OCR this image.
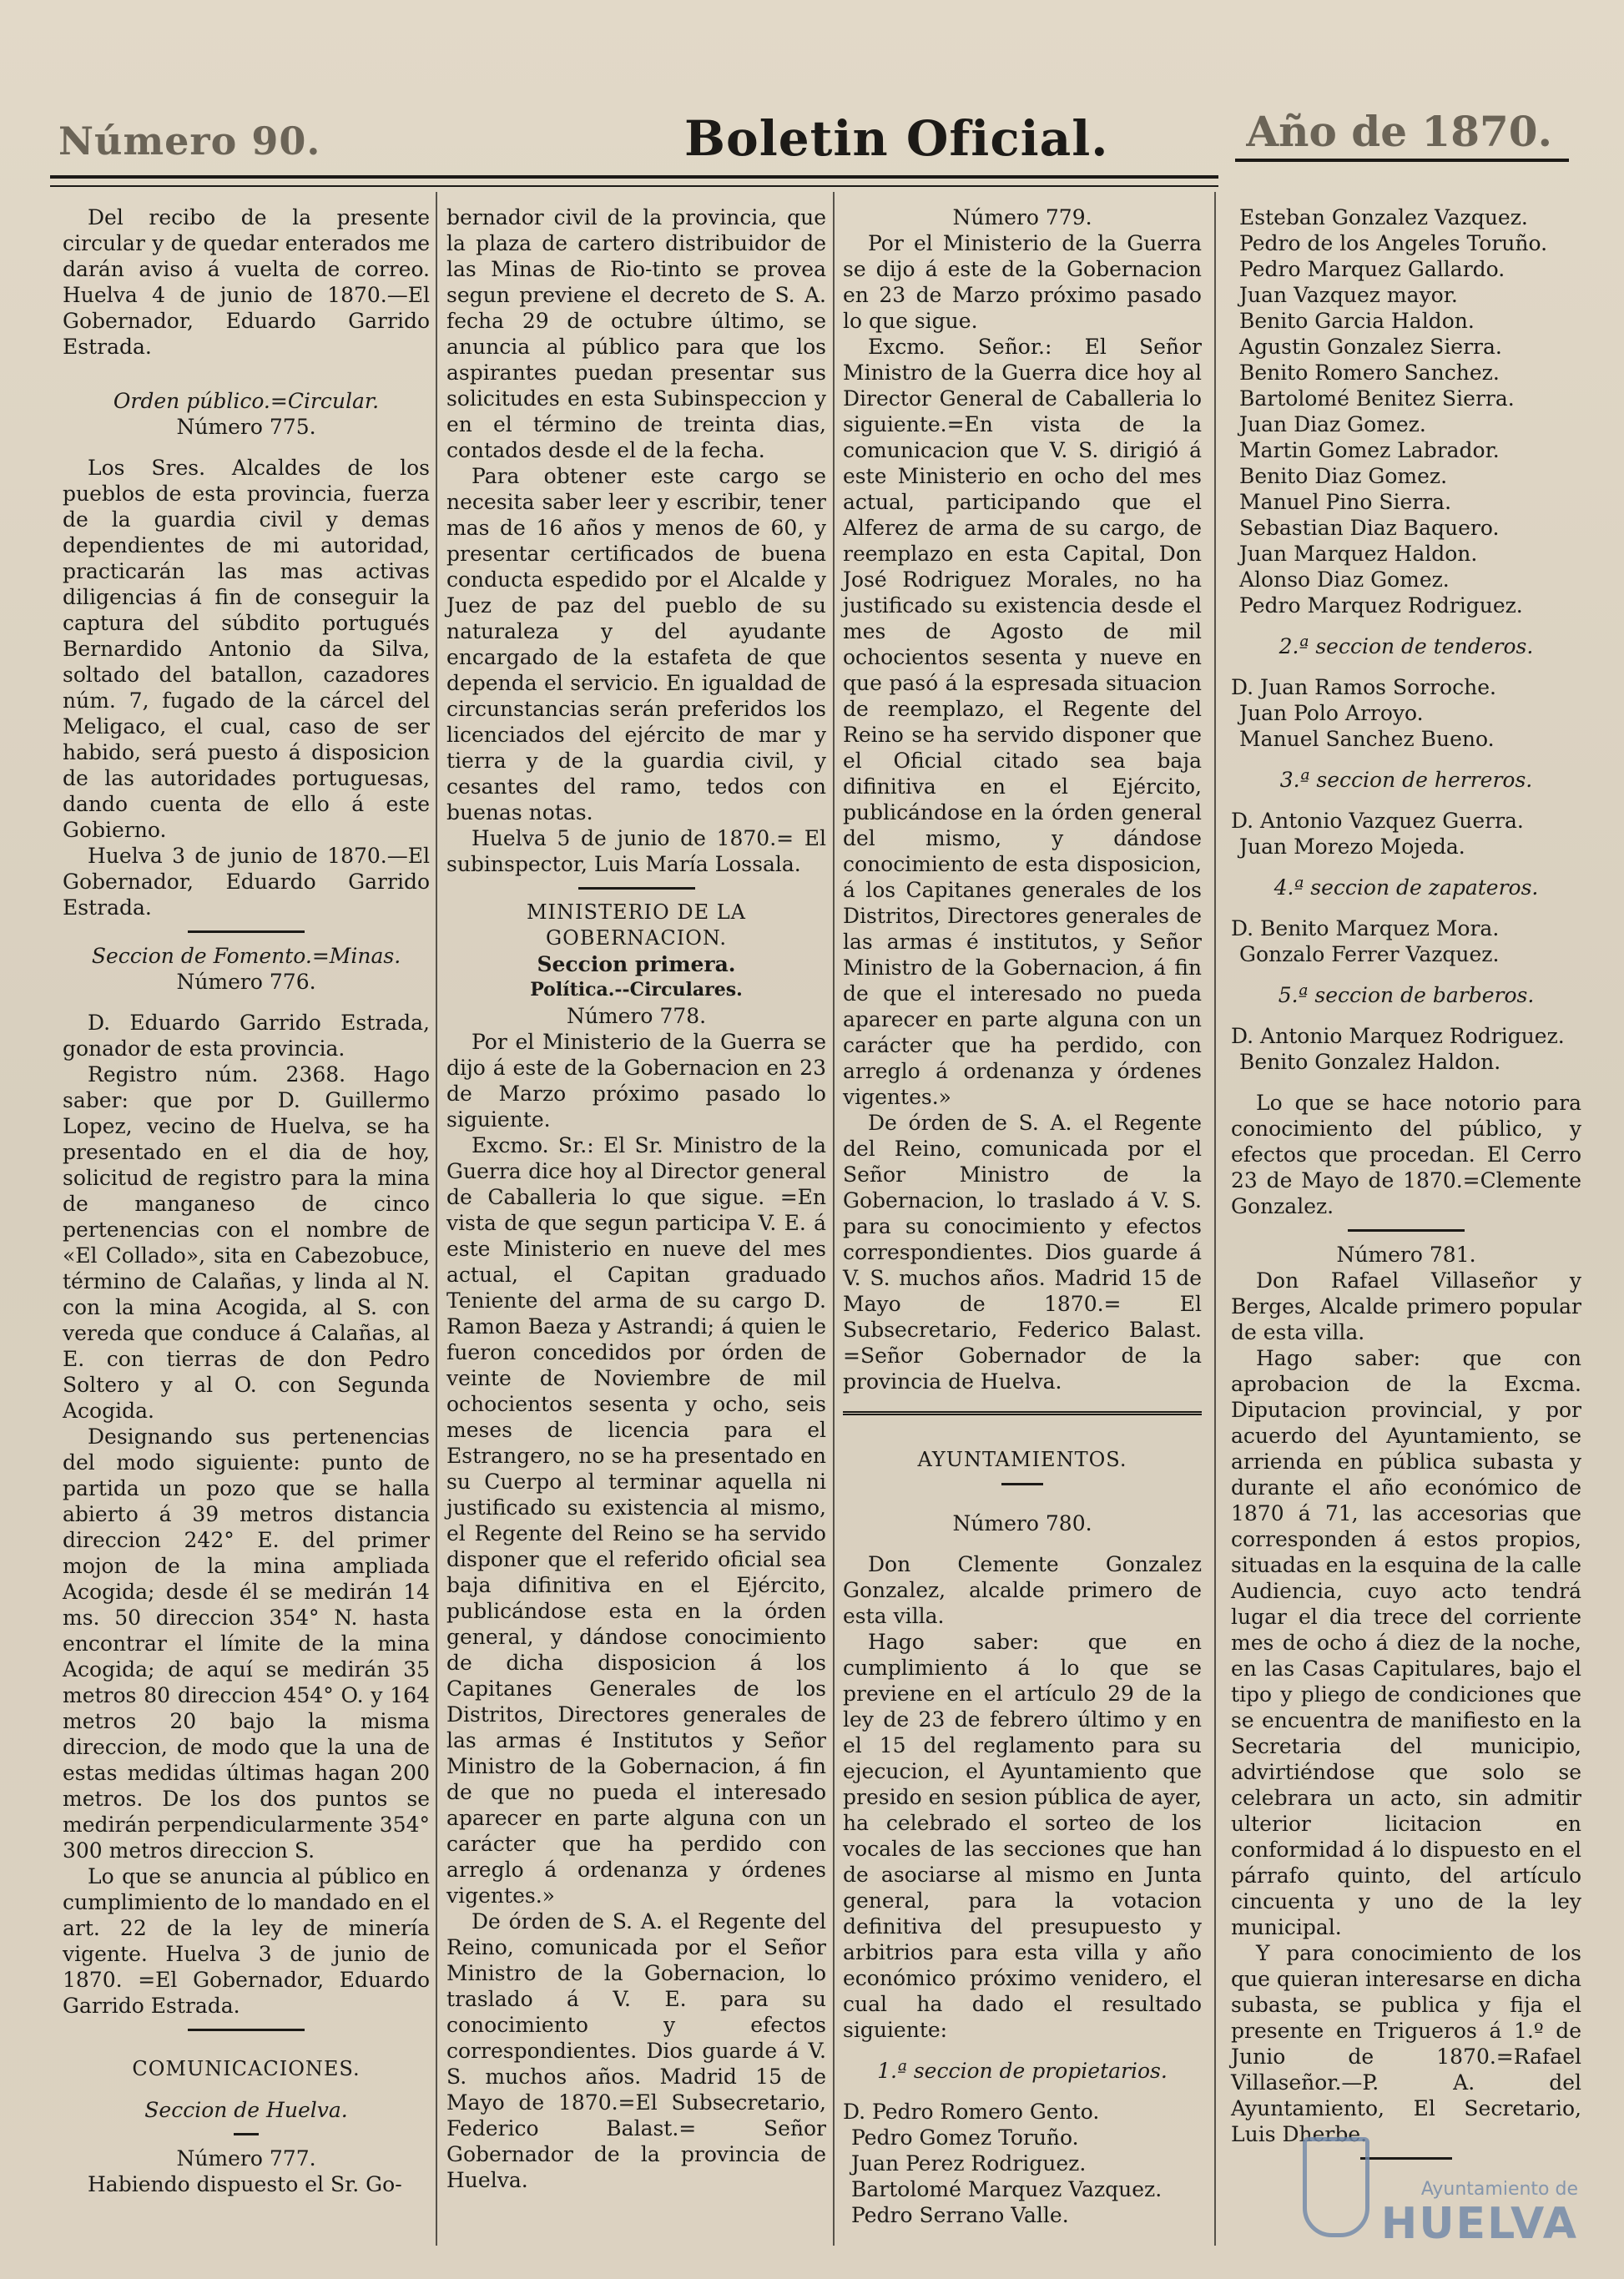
Número 90.	Boletin Oficial.	Año de 1870.

Del recibo de la presente circular y de quedar enterados me darán aviso á vuelta de correo. Huelva 4 de junio de 1870.—El Gobernador, Eduardo Garrido Estrada.

Orden público.=Circular.

Número 775.

Los Sres. Alcaldes de los pueblos de esta provincia, fuerza de la guardia civil y demas dependientes de mi autoridad, practicarán las mas activas diligencias á fin de conseguir la captura del súbdito portugués Bernardido Antonio da Silva, soltado del batallon, cazadores núm. 7, fugado de la cárcel del Meligaco, el cual, caso de ser habido, será puesto á disposicion de las autoridades portuguesas, dando cuenta de ello á este Gobierno.

Huelva 3 de junio de 1870.—El Gobernador, Eduardo Garrido Estrada.

Seccion de Fomento.=Minas.

Número 776.

D. Eduardo Garrido Estrada, gonador de esta provincia.

Registro núm. 2368. Hago saber: que por D. Guillermo Lopez, vecino de Huelva, se ha presentado en el dia de hoy, solicitud de registro para la mina de manganeso de cinco pertenencias con el nombre de «El Collado», sita en Cabezobuce, término de Calañas, y linda al N. con la mina Acogida, al S. con vereda que conduce á Calañas, al E. con tierras de don Pedro Soltero y al O. con Segunda Acogida.

Designando sus pertenencias del modo siguiente: punto de partida un pozo que se halla abierto á 39 metros distancia direccion 242° E. del primer mojon de la mina ampliada Acogida; desde él se medirán 14 ms. 50 direccion 354° N. hasta encontrar el límite de la mina Acogida; de aquí se medirán 35 metros 80 direccion 454° O. y 164 metros 20 bajo la misma direccion, de modo que la una de estas medidas últimas hagan 200 metros. De los dos puntos se medirán perpendicularmente 354° 300 metros direccion S.

Lo que se anuncia al público en cumplimiento de lo mandado en el art. 22 de la ley de minería vigente. Huelva 3 de junio de 1870. =El Gobernador, Eduardo Garrido Estrada.

COMUNICACIONES.

Seccion de Huelva.

Número 777.

Habiendo dispuesto el Sr. Go-

bernador civil de la provincia, que la plaza de cartero distribuidor de las Minas de Rio-tinto se provea segun previene el decreto de S. A. fecha 29 de octubre último, se anuncia al público para que los aspirantes puedan presentar sus solicitudes en esta Subinspeccion y en el término de treinta dias, contados desde el de la fecha.

Para obtener este cargo se necesita saber leer y escribir, tener mas de 16 años y menos de 60, y presentar certificados de buena conducta espedido por el Alcalde y Juez de paz del pueblo de su naturaleza y del ayudante encargado de la estafeta de que dependa el servicio. En igualdad de circunstancias serán preferidos los licenciados del ejército de mar y tierra y de la guardia civil, y cesantes del ramo, tedos con buenas notas.

Huelva 5 de junio de 1870.= El subinspector, Luis María Lossala.

MINISTERIO DE LA GOBERNACION.

Seccion primera.

Política.--Circulares.

Número 778.

Por el Ministerio de la Guerra se dijo á este de la Gobernacion en 23 de Marzo próximo pasado lo siguiente.

Excmo. Sr.: El Sr. Ministro de la Guerra dice hoy al Director general de Caballeria lo que sigue. =En vista de que segun participa V. E. á este Ministerio en nueve del mes actual, el Capitan graduado Teniente del arma de su cargo D. Ramon Baeza y Astrandi; á quien le fueron concedidos por órden de veinte de Noviembre de mil ochocientos sesenta y ocho, seis meses de licencia para el Estrangero, no se ha presentado en su Cuerpo al terminar aquella ni justificado su existencia al mismo, el Regente del Reino se ha servido disponer que el referido oficial sea baja difinitiva en el Ejército, publicándose esta en la órden general, y dándose conocimiento de dicha disposicion á los Capitanes Generales de los Distritos, Directores generales de las armas é Institutos y Señor Ministro de la Gobernacion, á fin de que no pueda el interesado aparecer en parte alguna con un carácter que ha perdido con arreglo á ordenanza y órdenes vigentes.»

De órden de S. A. el Regente del Reino, comunicada por el Señor Ministro de la Gobernacion, lo traslado á V. E. para su conocimiento y efectos correspondientes. Dios guarde á V. S. muchos años. Madrid 15 de Mayo de 1870.=El Subsecretario, Federico Balast.= Señor Gobernador de la provincia de Huelva.

Número 779.

Por el Ministerio de la Guerra se dijo á este de la Gobernacion en 23 de Marzo próximo pasado lo que sigue.

Excmo. Señor.: El Señor Ministro de la Guerra dice hoy al Director General de Caballeria lo siguiente.=En vista de la comunicacion que V. S. dirigió á este Ministerio en ocho del mes actual, participando que el Alferez de arma de su cargo, de reemplazo en esta Capital, Don José Rodriguez Morales, no ha justificado su existencia desde el mes de Agosto de mil ochocientos sesenta y nueve en que pasó á la espresada situacion de reemplazo, el Regente del Reino se ha servido disponer que el Oficial citado sea baja difinitiva en el Ejército, publicándose en la órden general del mismo, y dándose conocimiento de esta disposicion, á los Capitanes generales de los Distritos, Directores generales de las armas é institutos, y Señor Ministro de la Gobernacion, á fin de que el interesado no pueda aparecer en parte alguna con un carácter que ha perdido, con arreglo á ordenanza y órdenes vigentes.»

De órden de S. A. el Regente del Reino, comunicada por el Señor Ministro de la Gobernacion, lo traslado á V. S. para su conocimiento y efectos correspondientes. Dios guarde á V. S. muchos años. Madrid 15 de Mayo de 1870.= El Subsecretario, Federico Balast. =Señor Gobernador de la provincia de Huelva.

AYUNTAMIENTOS.

Número 780.

Don Clemente Gonzalez Gonzalez, alcalde primero de esta villa.

Hago saber: que en cumplimiento á lo que se previene en el artículo 29 de la ley de 23 de febrero último y en el 15 del reglamento para su ejecucion, el Ayuntamiento que presido en sesion pública de ayer, ha celebrado el sorteo de los vocales de las secciones que han de asociarse al mismo en Junta general, para la votacion definitiva del presupuesto y arbitrios para esta villa y año económico próximo venidero, el cual ha dado el resultado siguiente:

1.ª seccion de propietarios.

D. Pedro Romero Gento.

Pedro Gomez Toruño.

Juan Perez Rodriguez.

Bartolomé Marquez Vazquez.

Pedro Serrano Valle.

Esteban Gonzalez Vazquez.

Pedro de los Angeles Toruño.

Pedro Marquez Gallardo.

Juan Vazquez mayor.

Benito Garcia Haldon.

Agustin Gonzalez Sierra.

Benito Romero Sanchez.

Bartolomé Benitez Sierra.

Juan Diaz Gomez.

Martin Gomez Labrador.

Benito Diaz Gomez.

Manuel Pino Sierra.

Sebastian Diaz Baquero.

Juan Marquez Haldon.

Alonso Diaz Gomez.

Pedro Marquez Rodriguez.

2.ª seccion de tenderos.

D. Juan Ramos Sorroche.

Juan Polo Arroyo.

Manuel Sanchez Bueno.

3.ª seccion de herreros.

D. Antonio Vazquez Guerra.

Juan Morezo Mojeda.

4.ª seccion de zapateros.

D. Benito Marquez Mora.

Gonzalo Ferrer Vazquez.

5.ª seccion de barberos.

D. Antonio Marquez Rodriguez.

Benito Gonzalez Haldon.

Lo que se hace notorio para conocimiento del público, y efectos que procedan. El Cerro 23 de Mayo de 1870.=Clemente Gonzalez.

Número 781.

Don Rafael Villaseñor y Berges, Alcalde primero popular de esta villa.

Hago saber: que con aprobacion de la Excma. Diputacion provincial, y por acuerdo del Ayuntamiento, se arrienda en pública subasta y durante el año económico de 1870 á 71, las accesorias que corresponden á estos propios, situadas en la esquina de la calle Audiencia, cuyo acto tendrá lugar el dia trece del corriente mes de ocho á diez de la noche, en las Casas Capitulares, bajo el tipo y pliego de condiciones que se encuentra de manifiesto en la Secretaria del municipio, advirtiéndose que solo se celebrara un acto, sin admitir ulterior licitacion en conformidad á lo dispuesto en el párrafo quinto, del artículo cincuenta y uno de la ley municipal.

Y para conocimiento de los que quieran interesarse en dicha subasta, se publica y fija el presente en Trigueros á 1.º de Junio de 1870.=Rafael Villaseñor.—P. A. del Ayuntamiento, El Secretario, Luis Dherbe.

Ayuntamiento de
HUELVA
